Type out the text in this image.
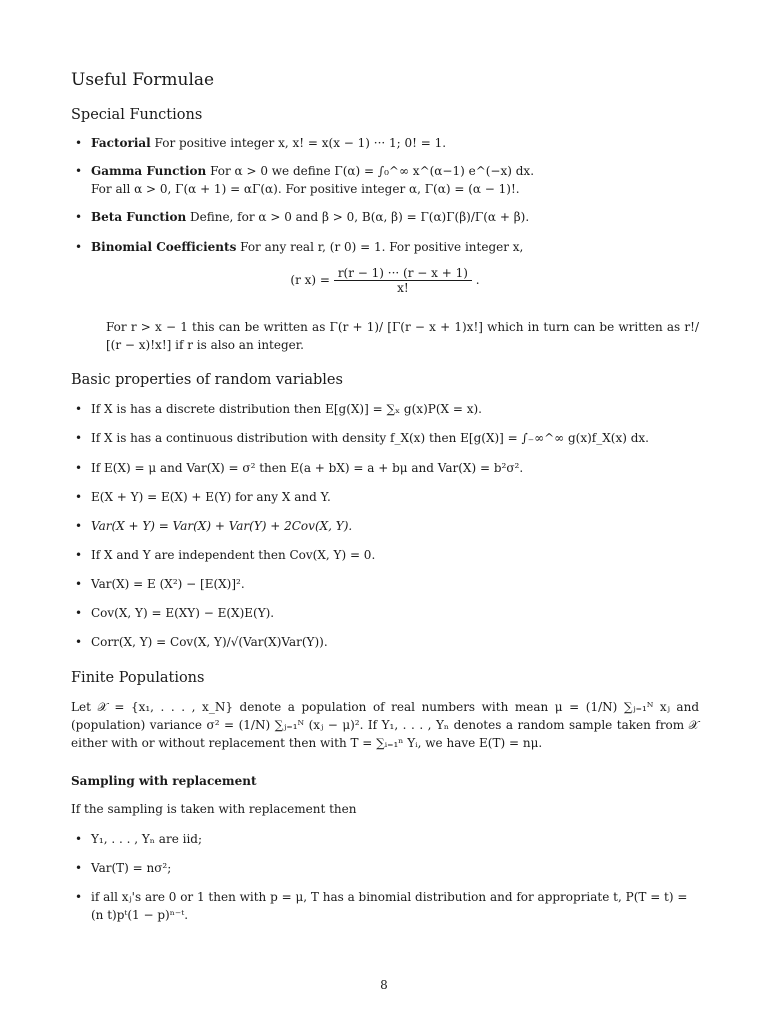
Useful Formulae
Special Functions
• Factorial For positive integer x, x! = x(x − 1) ··· 1; 0! = 1.
• Gamma Function For α > 0 we define Γ(α) = ∫₀^∞ x^(α−1) e^(−x) dx.
For all α > 0, Γ(α + 1) = αΓ(α). For positive integer α, Γ(α) = (α − 1)!.
• Beta Function Define, for α > 0 and β > 0, B(α, β) = Γ(α)Γ(β)/Γ(α + β).
• Binomial Coefficients For any real r, (r 0) = 1. For positive integer x,
(r $x) = \frac{r(r - 1) \cdot\cdot\cdot (r - x + 1)}{x!}$ .
For r > x − 1 this can be written as Γ(r + 1)/ [Γ(r − x + 1)x!] which in turn can be written as r!/ [(r − x)!x!] if r is also an integer.
Basic properties of random variables
• If X is has a discrete distribution then E[g(X)] = ∑ₓ g(x)P(X = x).
• If X is has a continuous distribution with density f_X(x) then E[g(X)] = ∫₋∞^∞ g(x)f_X(x) dx.
• If E(X) = μ and Var(X) = σ² then E(a + bX) = a + bμ and Var(X) = b²σ².
• E(X + Y) = E(X) + E(Y) for any X and Y.
• Var(X + Y) = Var(X) + Var(Y) + 2Cov(X, Y).
• If X and Y are independent then Cov(X, Y) = 0.
• Var(X) = E (X²) − [E(X)]².
• Cov(X, Y) = E(XY) − E(X)E(Y).
• Corr(X, Y) = Cov(X, Y)/√(Var(X)Var(Y)).
Finite Populations
Let 𝒳 = {x₁, . . . , x_N} denote a population of real numbers with mean μ = (1/N) ∑ⱼ₌₁ᴺ xⱼ and (population) variance σ² = (1/N) ∑ⱼ₌₁ᴺ (xⱼ − μ)². If Y₁, . . . , Yₙ denotes a random sample taken from 𝒳 either with or without replacement then with T = ∑ᵢ₌₁ⁿ Yᵢ, we have E(T) = nμ.
Sampling with replacement
If the sampling is taken with replacement then
• Y₁, . . . , Yₙ are iid;
• Var(T) = nσ²;
• if all xⱼ's are 0 or 1 then with p = μ, T has a binomial distribution and for appropriate t, P(T = t) = (n t)pᵗ(1 − p)ⁿ⁻ᵗ.
8
